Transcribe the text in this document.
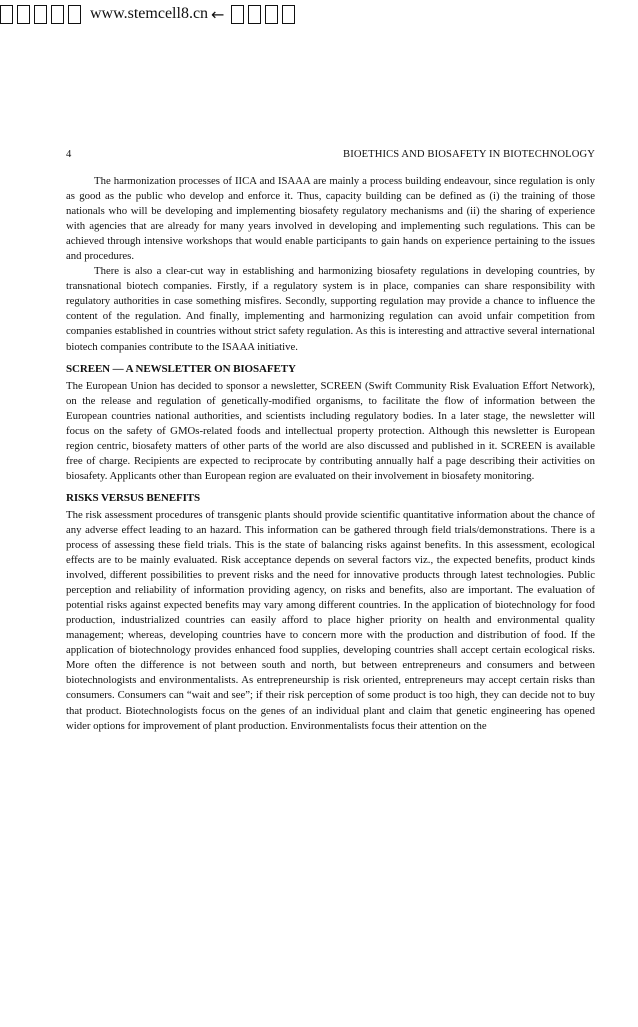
www.stemcell8.cn ←
4	BIOETHICS AND BIOSAFETY IN BIOTECHNOLOGY

The harmonization processes of IICA and ISAAA are mainly a process building endeavour, since regulation is only as good as the public who develop and enforce it. Thus, capacity building can be defined as (i) the training of those nationals who will be developing and implementing biosafety regulatory mechanisms and (ii) the sharing of experience with agencies that are already for many years involved in developing and implementing such regulations. This can be achieved through intensive workshops that would enable participants to gain hands on experience pertaining to the issues and procedures.

There is also a clear-cut way in establishing and harmonizing biosafety regulations in developing countries, by transnational biotech companies. Firstly, if a regulatory system is in place, companies can share responsibility with regulatory authorities in case something misfires. Secondly, supporting regulation may provide a chance to influence the content of the regulation. And finally, implementing and harmonizing regulation can avoid unfair competition from companies established in countries without strict safety regulation. As this is interesting and attractive several international biotech companies contribute to the ISAAA initiative.

SCREEN — A NEWSLETTER ON BIOSAFETY

The European Union has decided to sponsor a newsletter, SCREEN (Swift Community Risk Evaluation Effort Network), on the release and regulation of genetically-modified organisms, to facilitate the flow of information between the European countries national authorities, and scientists including regulatory bodies. In a later stage, the newsletter will focus on the safety of GMOs-related foods and intellectual property protection. Although this newsletter is European region centric, biosafety matters of other parts of the world are also discussed and published in it. SCREEN is available free of charge. Recipients are expected to reciprocate by contributing annually half a page describing their activities on biosafety. Applicants other than European region are evaluated on their involvement in biosafety monitoring.

RISKS VERSUS BENEFITS

The risk assessment procedures of transgenic plants should provide scientific quantitative information about the chance of any adverse effect leading to an hazard. This information can be gathered through field trials/demonstrations. There is a process of assessing these field trials. This is the state of balancing risks against benefits. In this assessment, ecological effects are to be mainly evaluated. Risk acceptance depends on several factors viz., the expected benefits, product kinds involved, different possibilities to prevent risks and the need for innovative products through latest technologies. Public perception and reliability of information providing agency, on risks and benefits, also are important. The evaluation of potential risks against expected benefits may vary among different countries. In the application of biotechnology for food production, industrialized countries can easily afford to place higher priority on health and environmental quality management; whereas, developing countries have to concern more with the production and distribution of food. If the application of biotechnology provides enhanced food supplies, developing countries shall accept certain ecological risks. More often the difference is not between south and north, but between entrepreneurs and consumers and between biotechnologists and environmentalists. As entrepreneurship is risk oriented, entrepreneurs may accept certain risks than consumers. Consumers can “wait and see”; if their risk perception of some product is too high, they can decide not to buy that product. Biotechnologists focus on the genes of an individual plant and claim that genetic engineering has opened wider options for improvement of plant production. Environmentalists focus their attention on the
